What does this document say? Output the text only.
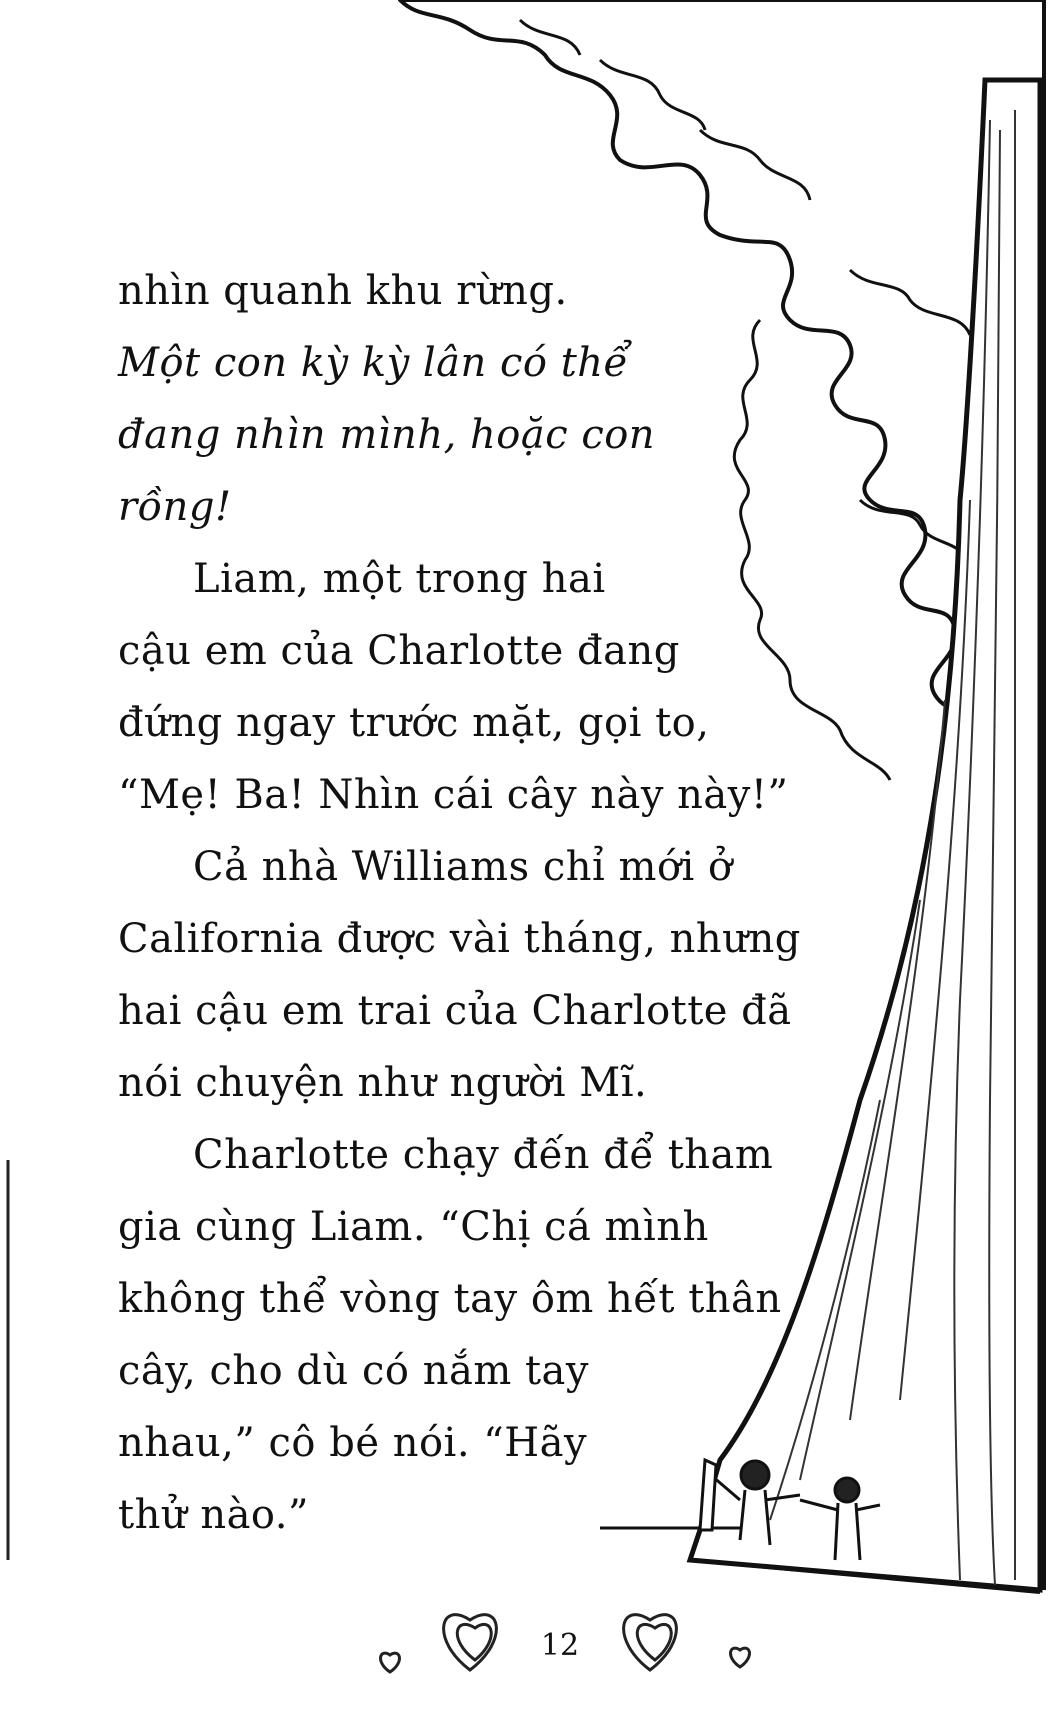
nhìn quanh khu rừng.
Một con kỳ kỳ lân có thể
đang nhìn mình, hoặc con
rồng!
Liam, một trong hai
cậu em của Charlotte đang
đứng ngay trước mặt, gọi to,
“Mẹ! Ba! Nhìn cái cây này này!”
Cả nhà Williams chỉ mới ở
California được vài tháng, nhưng
hai cậu em trai của Charlotte đã
nói chuyện như người Mĩ.
Charlotte chạy đến để tham
gia cùng Liam. “Chị cá mình
không thể vòng tay ôm hết thân
cây, cho dù có nắm tay
nhau,” cô bé nói. “Hãy
thử nào.”
12
